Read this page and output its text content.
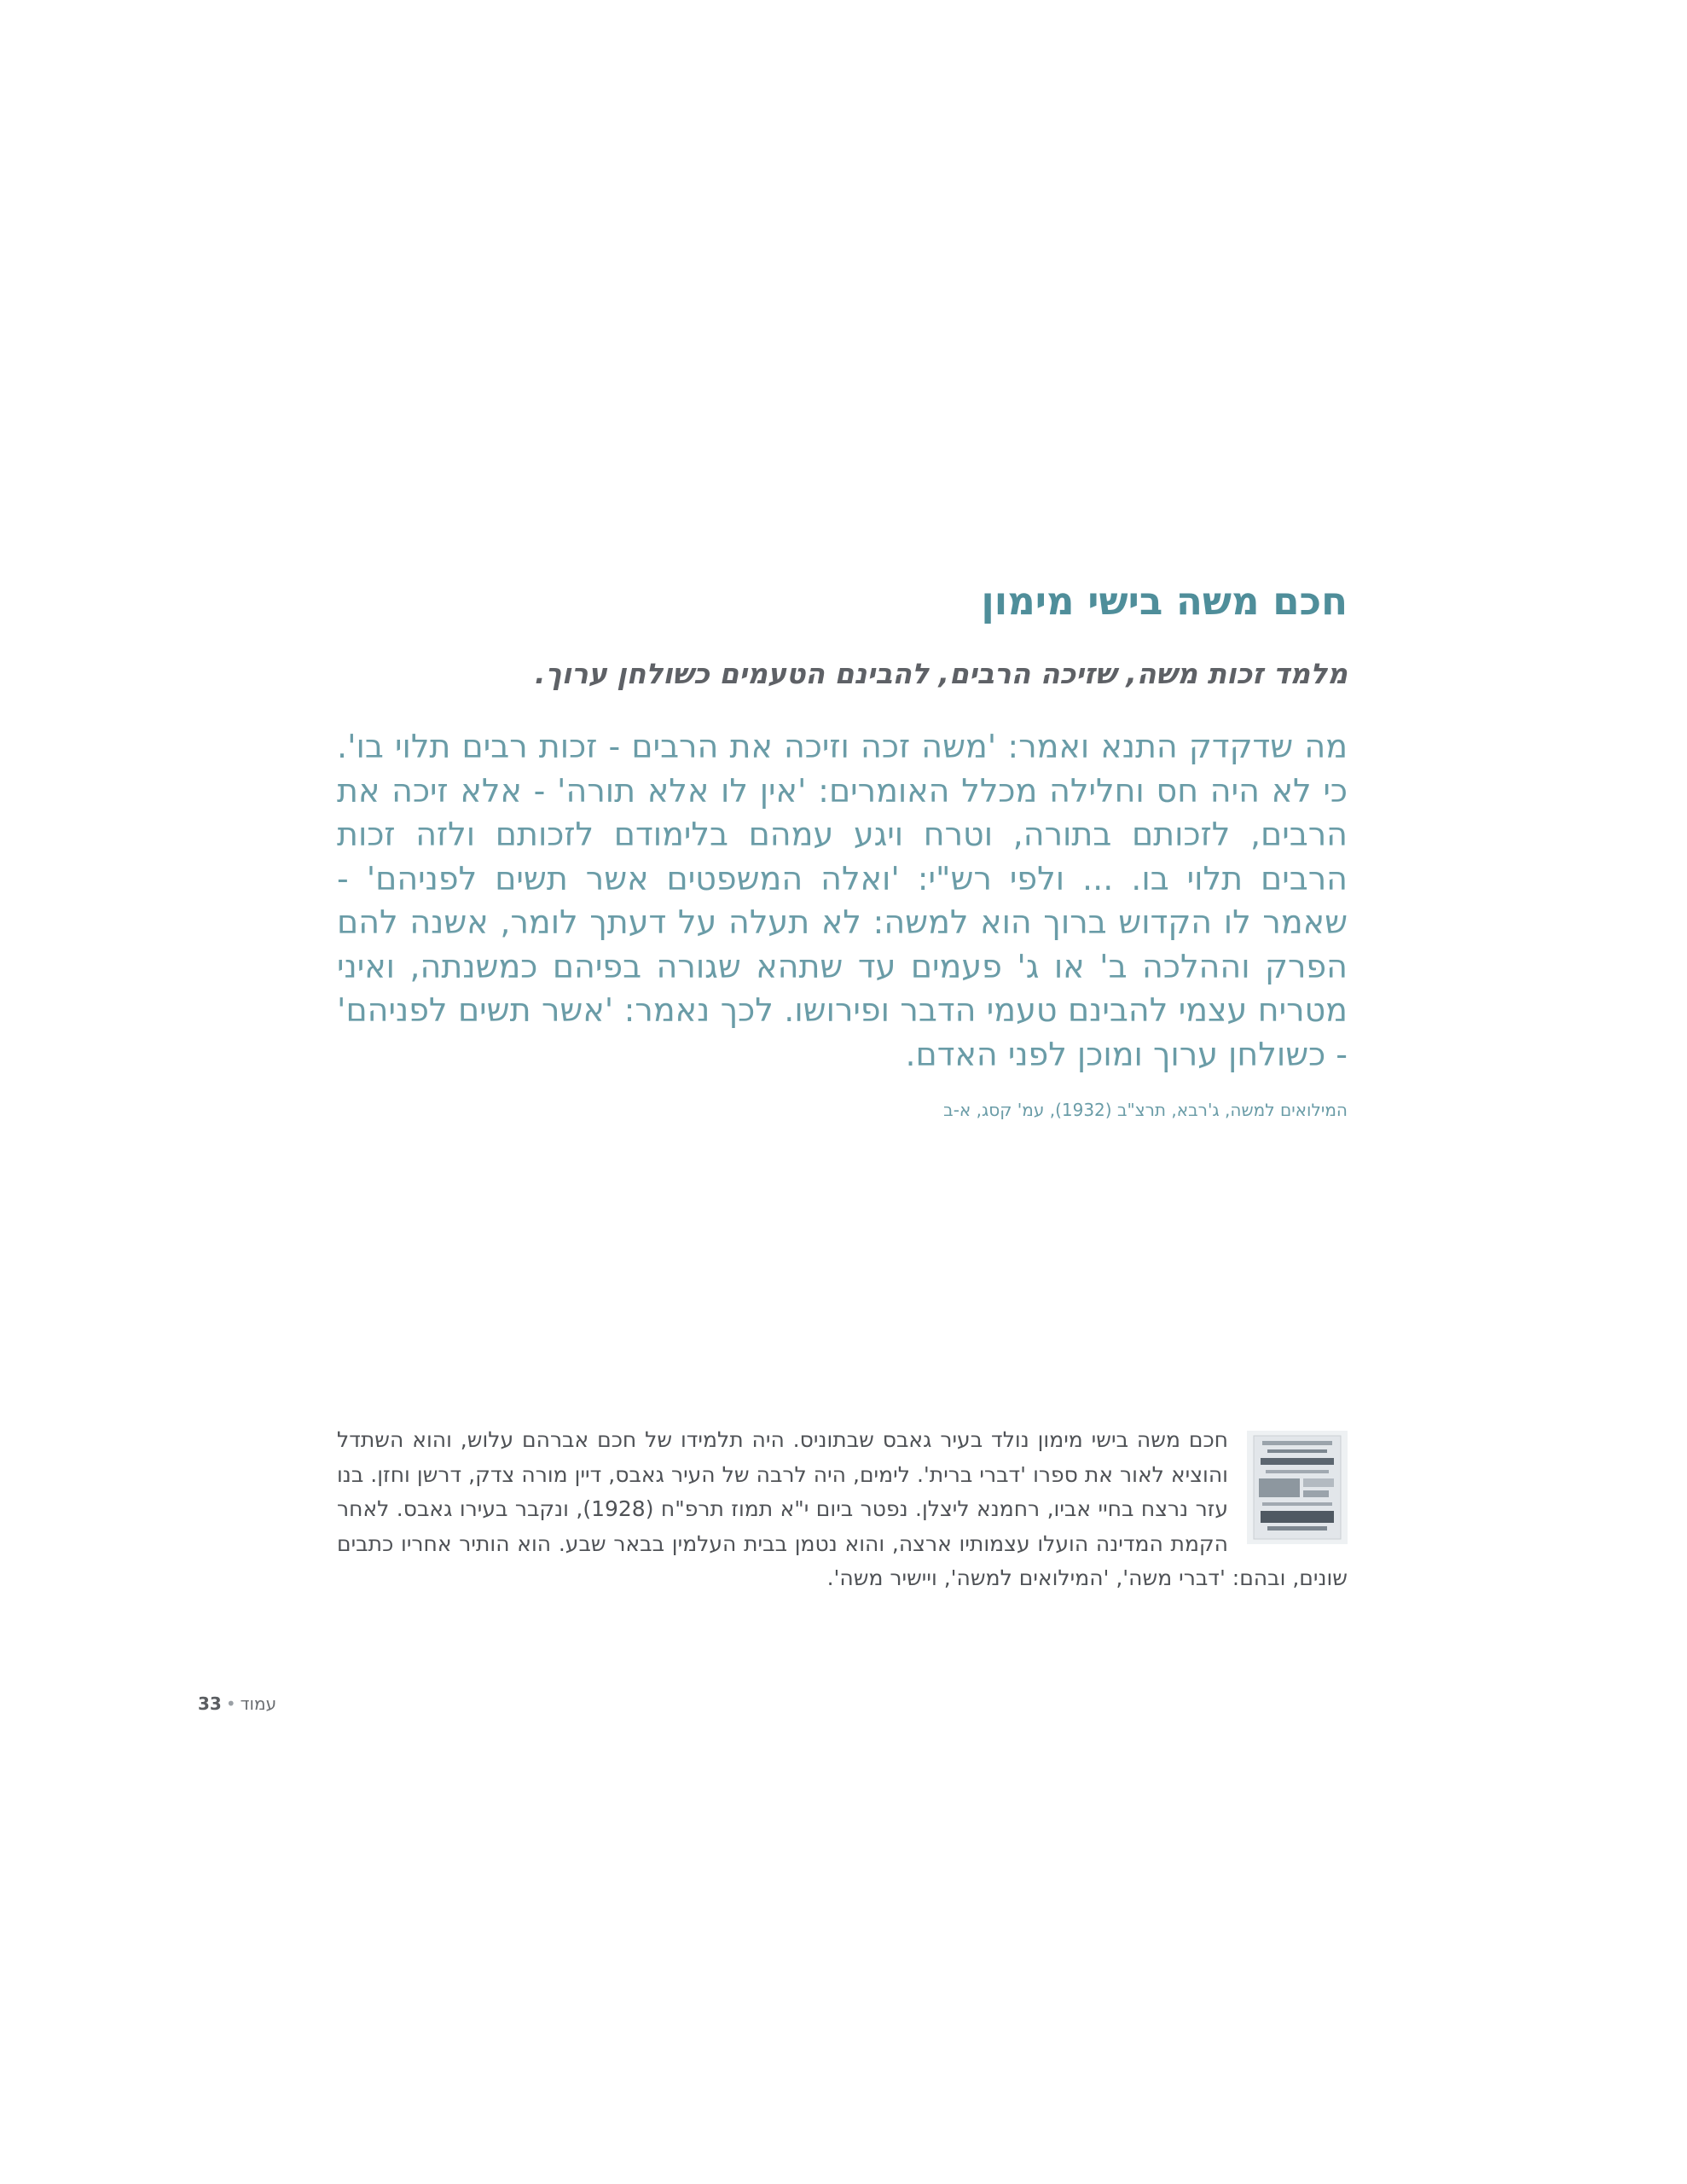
חכם משה בישי מימון
מלמד זכות משה, שזיכה הרבים, להבינם הטעמים כשולחן ערוך.

מה שדקדק התנא ואמר: 'משה זכה וזיכה את הרבים - זכות רבים תלוי בו'. כי לא היה חס וחלילה מכלל האומרים: 'אין לו אלא תורה' - אלא זיכה את הרבים, לזכותם בתורה, וטרח ויגע עמהם בלימודם לזכותם ולזה זכות הרבים תלוי בו. ... ולפי רש"י: 'ואלה המשפטים אשר תשים לפניהם' - שאמר לו הקדוש ברוך הוא למשה: לא תעלה על דעתך לומר, אשנה להם הפרק וההלכה ב' או ג' פעמים עד שתהא שגורה בפיהם כמשנתה, ואיני מטריח עצמי להבינם טעמי הדבר ופירושו. לכך נאמר: 'אשר תשים לפניהם' - כשולחן ערוך ומוכן לפני האדם.

המילואים למשה, ג'רבא, תרצ"ב (1932), עמ' קסג, א-ב

חכם משה בישי מימון נולד בעיר גאבס שבתוניס. היה תלמידו של חכם אברהם עלוש, והוא השתדל והוציא לאור את ספרו 'דברי ברית'. לימים, היה לרבה של העיר גאבס, דיין מורה צדק, דרשן וחזן. בנו עזר נרצח בחיי אביו, רחמנא ליצלן. נפטר ביום י"א תמוז תרפ"ח (1928), ונקבר בעירו גאבס. לאחר הקמת המדינה הועלו עצמותיו ארצה, והוא נטמן בבית העלמין בבאר שבע. הוא הותיר אחריו כתבים שונים, ובהם: 'דברי משה', 'המילואים למשה', ויישיר משה'.

33 • עמוד
